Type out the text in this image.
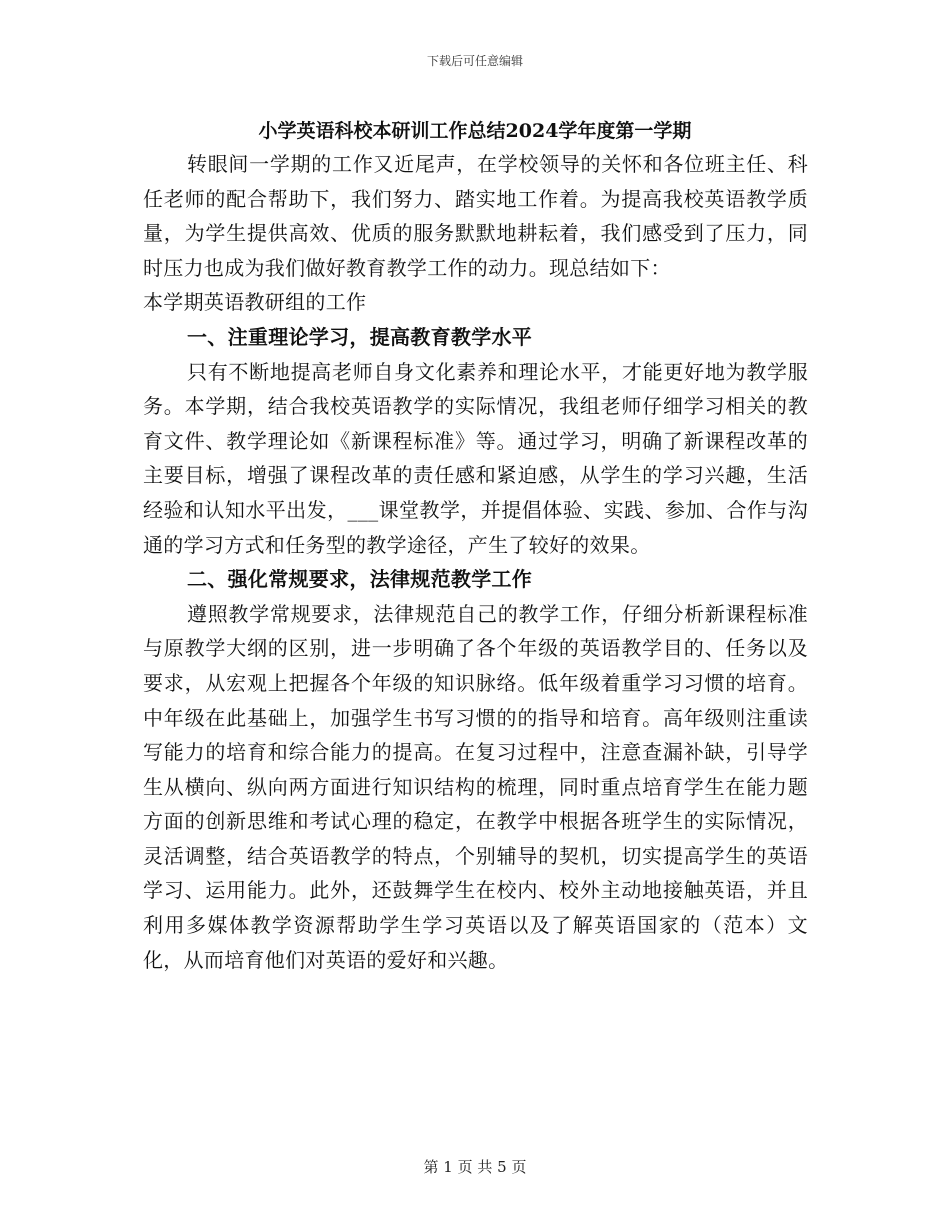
下载后可任意编辑
小学英语科校本研训工作总结2024学年度第一学期

转眼间一学期的工作又近尾声，在学校领导的关怀和各位班主任、科任老师的配合帮助下，我们努力、踏实地工作着。为提高我校英语教学质量，为学生提供高效、优质的服务默默地耕耘着，我们感受到了压力，同时压力也成为我们做好教育教学工作的动力。现总结如下：

本学期英语教研组的工作

一、注重理论学习，提高教育教学水平

只有不断地提高老师自身文化素养和理论水平，才能更好地为教学服务。本学期，结合我校英语教学的实际情况，我组老师仔细学习相关的教育文件、教学理论如《新课程标准》等。通过学习，明确了新课程改革的主要目标，增强了课程改革的责任感和紧迫感，从学生的学习兴趣，生活经验和认知水平出发，___课堂教学，并提倡体验、实践、参加、合作与沟通的学习方式和任务型的教学途径，产生了较好的效果。

二、强化常规要求，法律规范教学工作

遵照教学常规要求，法律规范自己的教学工作，仔细分析新课程标准与原教学大纲的区别，进一步明确了各个年级的英语教学目的、任务以及要求，从宏观上把握各个年级的知识脉络。低年级着重学习习惯的培育。中年级在此基础上，加强学生书写习惯的的指导和培育。高年级则注重读写能力的培育和综合能力的提高。在复习过程中，注意查漏补缺，引导学生从横向、纵向两方面进行知识结构的梳理，同时重点培育学生在能力题方面的创新思维和考试心理的稳定，在教学中根据各班学生的实际情况，灵活调整，结合英语教学的特点，个别辅导的契机，切实提高学生的英语学习、运用能力。此外，还鼓舞学生在校内、校外主动地接触英语，并且利用多媒体教学资源帮助学生学习英语以及了解英语国家的（范本）文化，从而培育他们对英语的爱好和兴趣。

第 1 页 共 5 页
